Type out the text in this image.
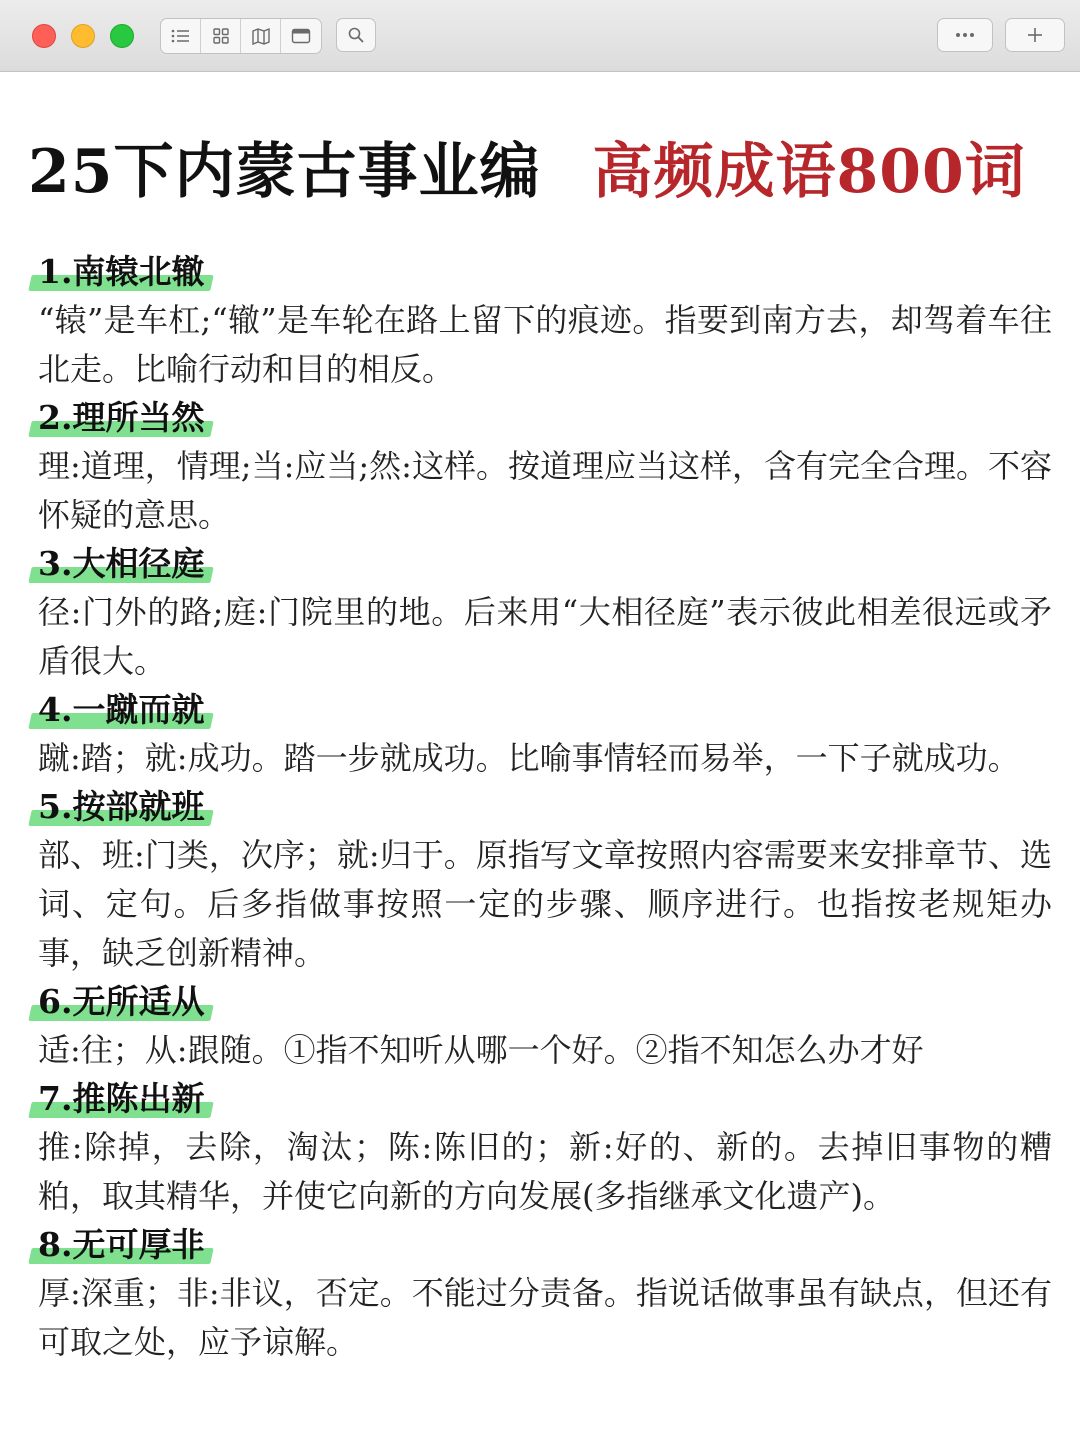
25下内蒙古事业编 高频成语800词
1.南辕北辙

“辕”是车杠;“辙”是车轮在路上留下的痕迹。指要到南方去，却驾着车往北走。比喻行动和目的相反。

2.理所当然

理:道理，情理;当:应当;然:这样。按道理应当这样，含有完全合理。不容怀疑的意思。

3.大相径庭

径:门外的路;庭:门院里的地。后来用“大相径庭”表示彼此相差很远或矛盾很大。

4.一蹴而就

蹴:踏；就:成功。踏一步就成功。比喻事情轻而易举，一下子就成功。

5.按部就班

部、班:门类，次序；就:归于。原指写文章按照内容需要来安排章节、选词、定句。后多指做事按照一定的步骤、顺序进行。也指按老规矩办事，缺乏创新精神。

6.无所适从

适:往；从:跟随。①指不知听从哪一个好。②指不知怎么办才好

7.推陈出新

推:除掉，去除，淘汰；陈:陈旧的；新:好的、新的。去掉旧事物的糟粕，取其精华，并使它向新的方向发展(多指继承文化遗产)。

8.无可厚非

厚:深重；非:非议，否定。不能过分责备。指说话做事虽有缺点，但还有可取之处，应予谅解。
